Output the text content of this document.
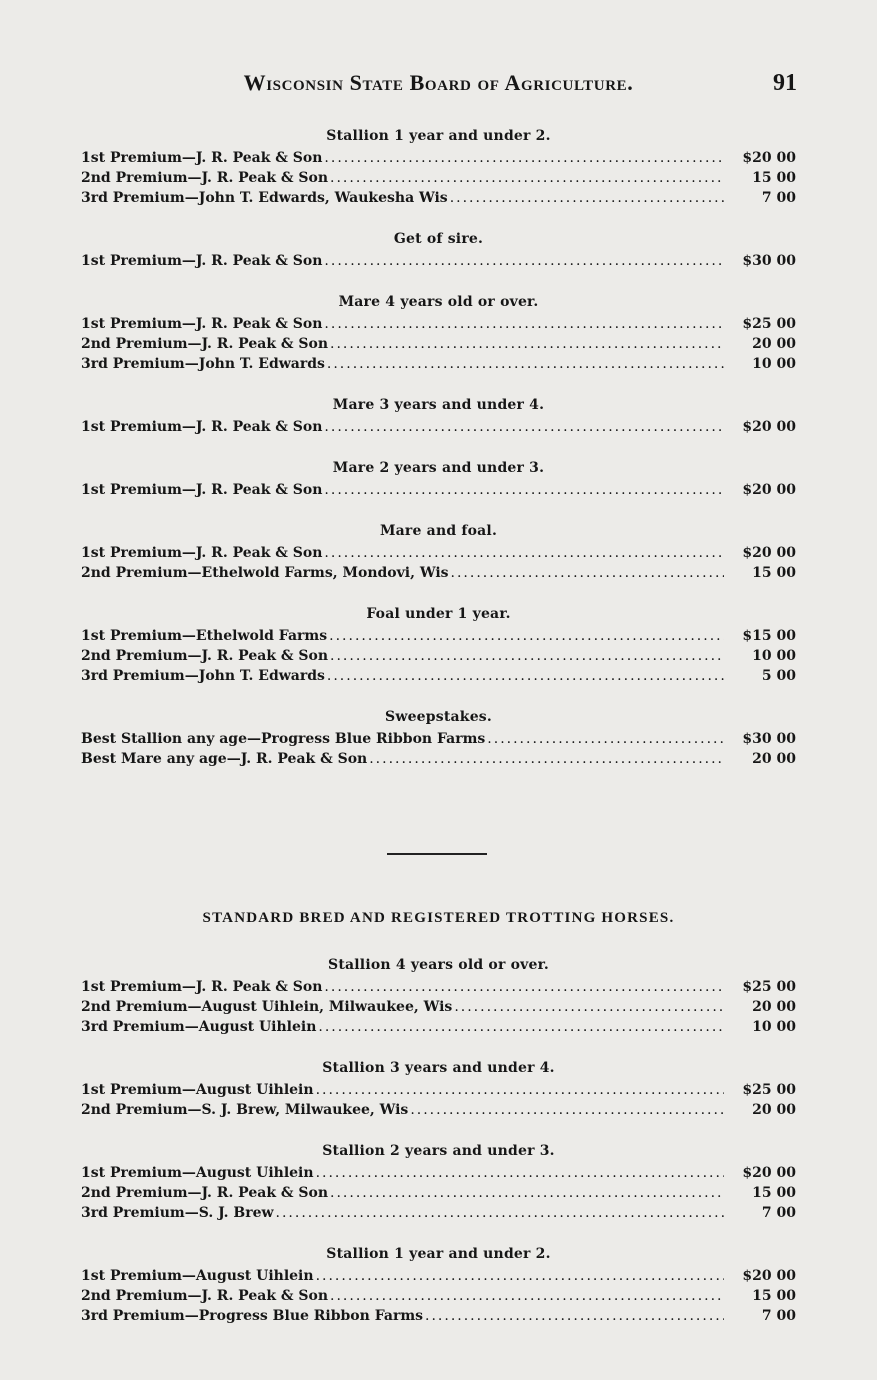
Wisconsin State Board of Agriculture.	91
Stallion 1 year and under 2.
1st Premium—J. R. Peak & Son .....	$20 00
2nd Premium—J. R. Peak & Son .....	15 00
3rd Premium—John T. Edwards, Waukesha Wis .....	7 00
Get of sire.
1st Premium—J. R. Peak & Son .....	$30 00
Mare 4 years old or over.
1st Premium—J. R. Peak & Son .....	$25 00
2nd Premium—J. R. Peak & Son .....	20 00
3rd Premium—John T. Edwards .....	10 00
Mare 3 years and under 4.
1st Premium—J. R. Peak & Son .....	$20 00
Mare 2 years and under 3.
1st Premium—J. R. Peak & Son .....	$20 00
Mare and foal.
1st Premium—J. R. Peak & Son .....	$20 00
2nd Premium—Ethelwold Farms, Mondovi, Wis .....	15 00
Foal under 1 year.
1st Premium—Ethelwold Farms .....	$15 00
2nd Premium—J. R. Peak & Son .....	10 00
3rd Premium—John T. Edwards .....	5 00
Sweepstakes.
Best Stallion any age—Progress Blue Ribbon Farms .....	$30 00
Best Mare any age—J. R. Peak & Son .....	20 00
STANDARD BRED AND REGISTERED TROTTING HORSES.
Stallion 4 years old or over.
1st Premium—J. R. Peak & Son .....	$25 00
2nd Premium—August Uihlein, Milwaukee, Wis .....	20 00
3rd Premium—August Uihlein .....	10 00
Stallion 3 years and under 4.
1st Premium—August Uihlein .....	$25 00
2nd Premium—S. J. Brew, Milwaukee, Wis .....	20 00
Stallion 2 years and under 3.
1st Premium—August Uihlein .....	$20 00
2nd Premium—J. R. Peak & Son .....	15 00
3rd Premium—S. J. Brew .....	7 00
Stallion 1 year and under 2.
1st Premium—August Uihlein .....	$20 00
2nd Premium—J. R. Peak & Son .....	15 00
3rd Premium—Progress Blue Ribbon Farms .....	7 00
